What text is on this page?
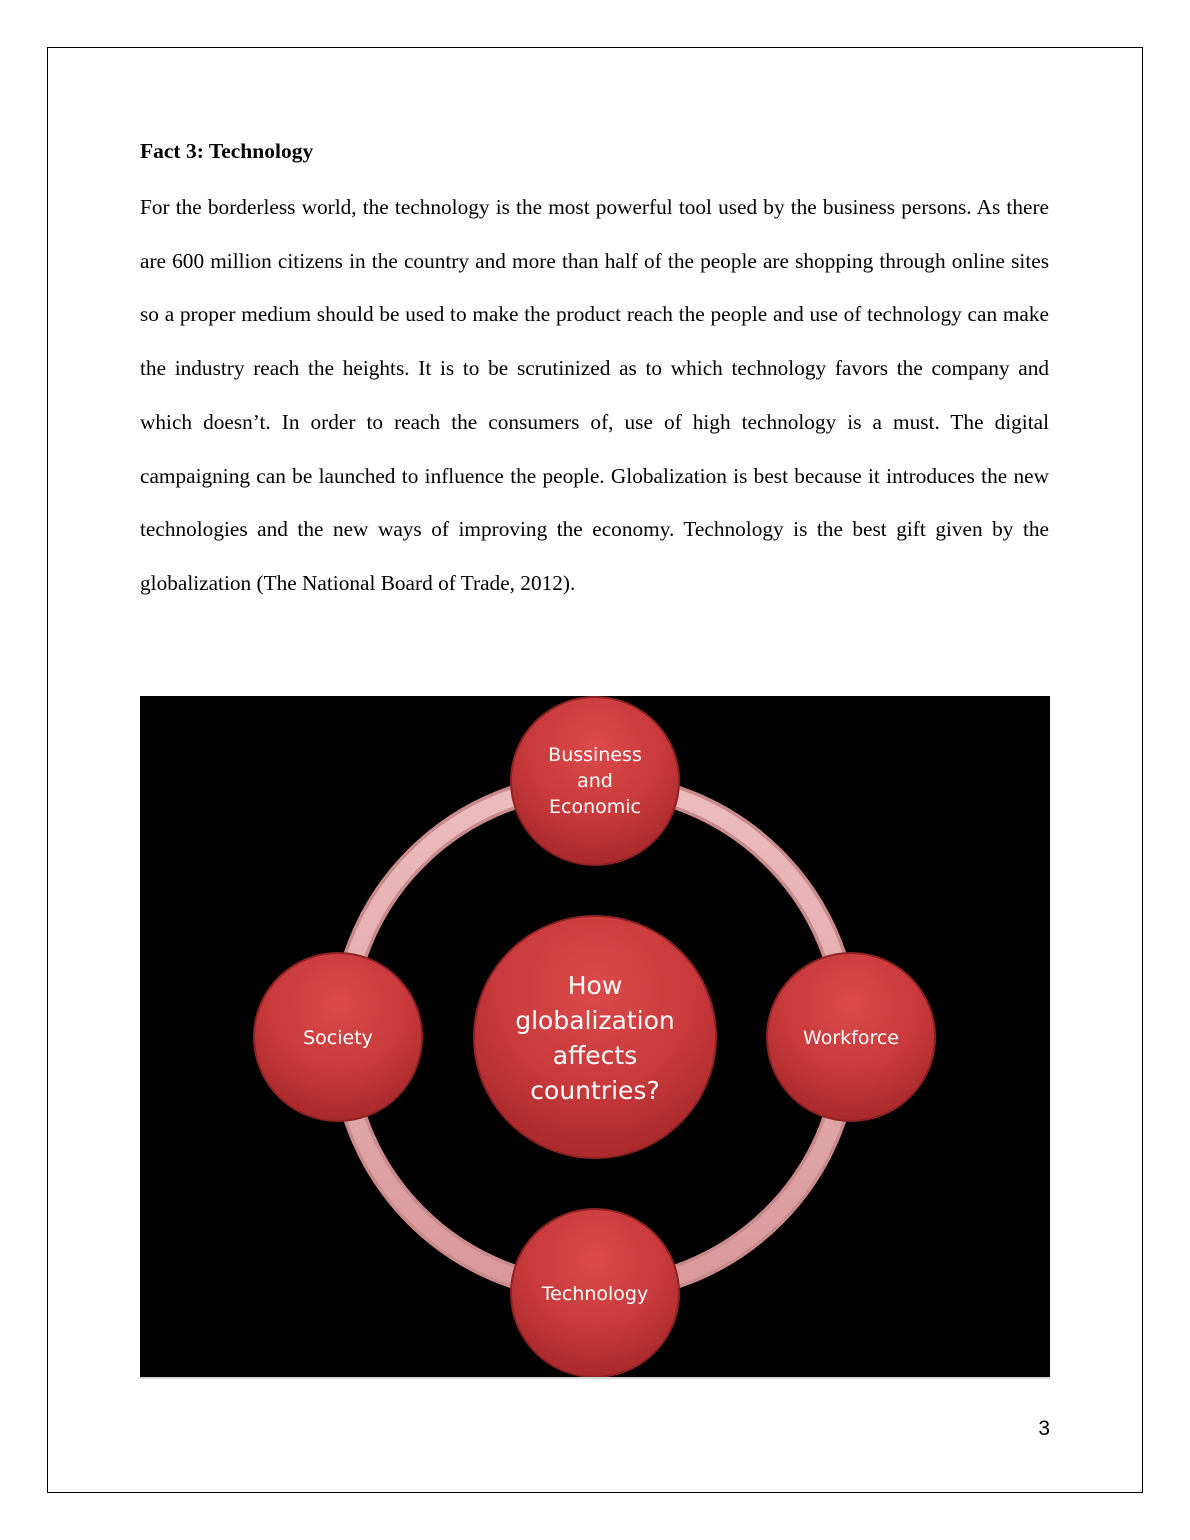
Fact 3: Technology

For the borderless world, the technology is the most powerful tool used by the business persons. As there are 600 million citizens in the country and more than half of the people are shopping through online sites so a proper medium should be used to make the product reach the people and use of technology can make the industry reach the heights. It is to be scrutinized as to which technology favors the company and which doesn’t. In order to reach the consumers of, use of high technology is a must. The digital campaigning can be launched to influence the people. Globalization is best because it introduces the new technologies and the new ways of improving the economy. Technology is the best gift given by the globalization (The National Board of Trade, 2012).

How
globalization
affects
countries?
Bussiness
and
Economic
Society	Workforce
Technology
3
